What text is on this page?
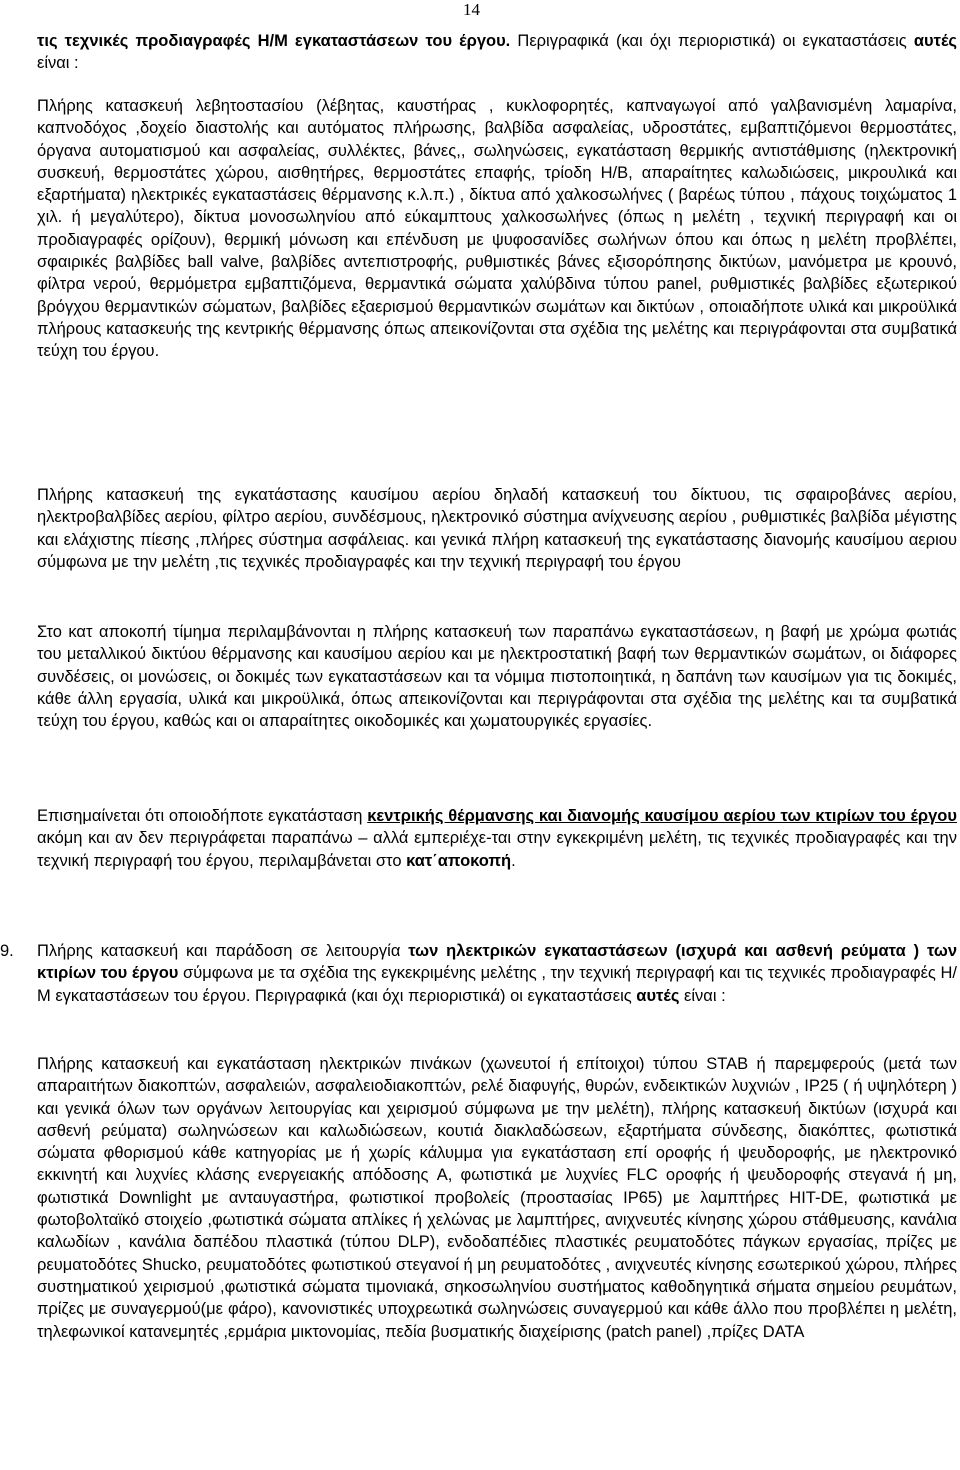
14

τις τεχνικές προδιαγραφές Η/Μ εγκαταστάσεων του έργου. Περιγραφικά (και όχι περιοριστικά) οι εγκαταστάσεις αυτές είναι :

Πλήρης κατασκευή λεβητοστασίου (λέβητας, καυστήρας , κυκλοφορητές, καπναγωγοί από γαλβανισμένη λαμαρίνα, καπνοδόχος ,δοχείο διαστολής και αυτόματος πλήρωσης, βαλβίδα ασφαλείας, υδροστάτες, εμβαπτιζόμενοι θερμοστάτες, όργανα αυτοματισμού και ασφαλείας, συλλέκτες, βάνες,, σωληνώσεις, εγκατάσταση θερμικής αντιστάθμισης (ηλεκτρονική συσκευή, θερμοστάτες χώρου, αισθητήρες, θερμοστάτες επαφής, τρίοδη Η/Β, απαραίτητες καλωδιώσεις, μικρουλικά και εξαρτήματα) ηλεκτρικές εγκαταστάσεις θέρμανσης κ.λ.π.) , δίκτυα από χαλκοσωλήνες ( βαρέως τύπου , πάχους τοιχώματος 1 χιλ. ή μεγαλύτερο), δίκτυα μονοσωληνίου από εύκαμπτους χαλκοσωλήνες (όπως η μελέτη , τεχνική περιγραφή και οι προδιαγραφές ορίζουν), θερμική μόνωση και επένδυση με ψυφοσανίδες σωλήνων όπου και όπως η μελέτη προβλέπει, σφαιρικές βαλβίδες ball valve, βαλβίδες αντεπιστροφής, ρυθμιστικές βάνες εξισορόπησης δικτύων, μανόμετρα με κρουνό, φίλτρα νερού, θερμόμετρα εμβαπτιζόμενα, θερμαντικά σώματα χαλύβδινα τύπου panel, ρυθμιστικές βαλβίδες εξωτερικού βρόγχου θερμαντικών σώματων, βαλβίδες εξαερισμού θερμαντικών σωμάτων και δικτύων , οποιαδήποτε υλικά και μικροϋλικά πλήρους κατασκευής της κεντρικής θέρμανσης όπως απεικονίζονται στα σχέδια της μελέτης και περιγράφονται στα συμβατικά τεύχη του έργου.

Πλήρης κατασκευή της εγκατάστασης καυσίμου αερίου δηλαδή κατασκευή του δίκτυου, τις σφαιροβάνες αερίου, ηλεκτροβαλβίδες αερίου, φίλτρο αερίου, συνδέσμους, ηλεκτρονικό σύστημα ανίχνευσης αερίου , ρυθμιστικές βαλβίδα μέγιστης και ελάχιστης πίεσης ,πλήρες σύστημα ασφάλειας. και γενικά πλήρη κατασκευή της εγκατάστασης διανομής καυσίμου αεριου σύμφωνα με την μελέτη ,τις τεχνικές προδιαγραφές και την τεχνική περιγραφή του έργου

Στο κατ αποκοπή τίμημα περιλαμβάνονται η πλήρης κατασκευή των παραπάνω εγκαταστάσεων, η βαφή με χρώμα φωτιάς του μεταλλικού δικτύου θέρμανσης και καυσίμου αερίου και με ηλεκτροστατική βαφή των θερμαντικών σωμάτων, οι διάφορες συνδέσεις, οι μονώσεις, οι δοκιμές των εγκαταστάσεων και τα νόμιμα πιστοποιητικά, η δαπάνη των καυσίμων για τις δοκιμές, κάθε άλλη εργασία, υλικά και μικροϋλικά, όπως απεικονίζονται και περιγράφονται στα σχέδια της μελέτης και τα συμβατικά τεύχη του έργου, καθώς και οι απαραίτητες οικοδομικές και χωματουργικές εργασίες.

Επισημαίνεται ότι οποιοδήποτε εγκατάσταση κεντρικής θέρμανσης και διανομής καυσίμου αερίου των κτιρίων του έργου ακόμη και αν δεν περιγράφεται παραπάνω – αλλά εμπεριέχε-ται στην εγκεκριμένη μελέτη, τις τεχνικές προδιαγραφές και την τεχνική περιγραφή του έργου, περιλαμβάνεται στο κατ΄αποκοπή.

9. Πλήρης κατασκευή και παράδοση σε λειτουργία των ηλεκτρικών εγκαταστάσεων (ισχυρά και ασθενή ρεύματα ) των κτιρίων του έργου σύμφωνα με τα σχέδια της εγκεκριμένης μελέτης , την τεχνική περιγραφή και τις τεχνικές προδιαγραφές Η/Μ εγκαταστάσεων του έργου. Περιγραφικά (και όχι περιοριστικά) οι εγκαταστάσεις αυτές είναι :

Πλήρης κατασκευή και εγκατάσταση ηλεκτρικών πινάκων (χωνευτοί ή επίτοιχοι) τύπου STAB ή παρεμφερούς (μετά των απαραιτήτων διακοπτών, ασφαλειών, ασφαλειοδιακοπτών, ρελέ διαφυγής, θυρών, ενδεικτικών λυχνιών , IP25 ( ή υψηλότερη ) και γενικά όλων των οργάνων λειτουργίας και χειρισμού σύμφωνα με την μελέτη), πλήρης κατασκευή δικτύων (ισχυρά και ασθενή ρεύματα) σωληνώσεων και καλωδιώσεων, κουτιά διακλαδώσεων, εξαρτήματα σύνδεσης, διακόπτες, φωτιστικά σώματα φθορισμού κάθε κατηγορίας με ή χωρίς κάλυμμα για εγκατάσταση επί οροφής ή ψευδοροφής, με ηλεκτρονικό εκκινητή και λυχνίες κλάσης ενεργειακής απόδοσης A, φωτιστικά με λυχνίες FLC οροφής ή ψευδοροφής στεγανά ή μη, φωτιστικά Downlight με ανταυγαστήρα, φωτιστικοί προβολείς (προστασίας IP65) με λαμπτήρες HIT-DE, φωτιστικά με φωτοβολταϊκό στοιχείο ,φωτιστικά σώματα απλίκες ή χελώνας με λαμπτήρες, ανιχνευτές κίνησης χώρου στάθμευσης, κανάλια καλωδίων , κανάλια δαπέδου πλαστικά (τύπου DLP), ενδοδαπέδιες πλαστικές ρευματοδότες πάγκων εργασίας, πρίζες με ρευματοδότες Shucko, ρευματοδότες φωτιστικού στεγανοί ή μη ρευματοδότες , ανιχνευτές κίνησης εσωτερικού χώρου, πλήρες συστηματικού χειρισμού ,φωτιστικά σώματα τιμονιακά, σηκοσωληνίου συστήματος καθοδηγητικά σήματα σημείου ρευμάτων, πρίζες με συναγερμού(με φάρο), κανονιστικές υποχρεωτικά σωληνώσεις συναγερμού και κάθε άλλο που προβλέπει η μελέτη, τηλεφωνικοί κατανεμητές ,ερμάρια μικτονομίας, πεδία βυσματικής διαχείρισης (patch panel) ,πρίζες DATA
